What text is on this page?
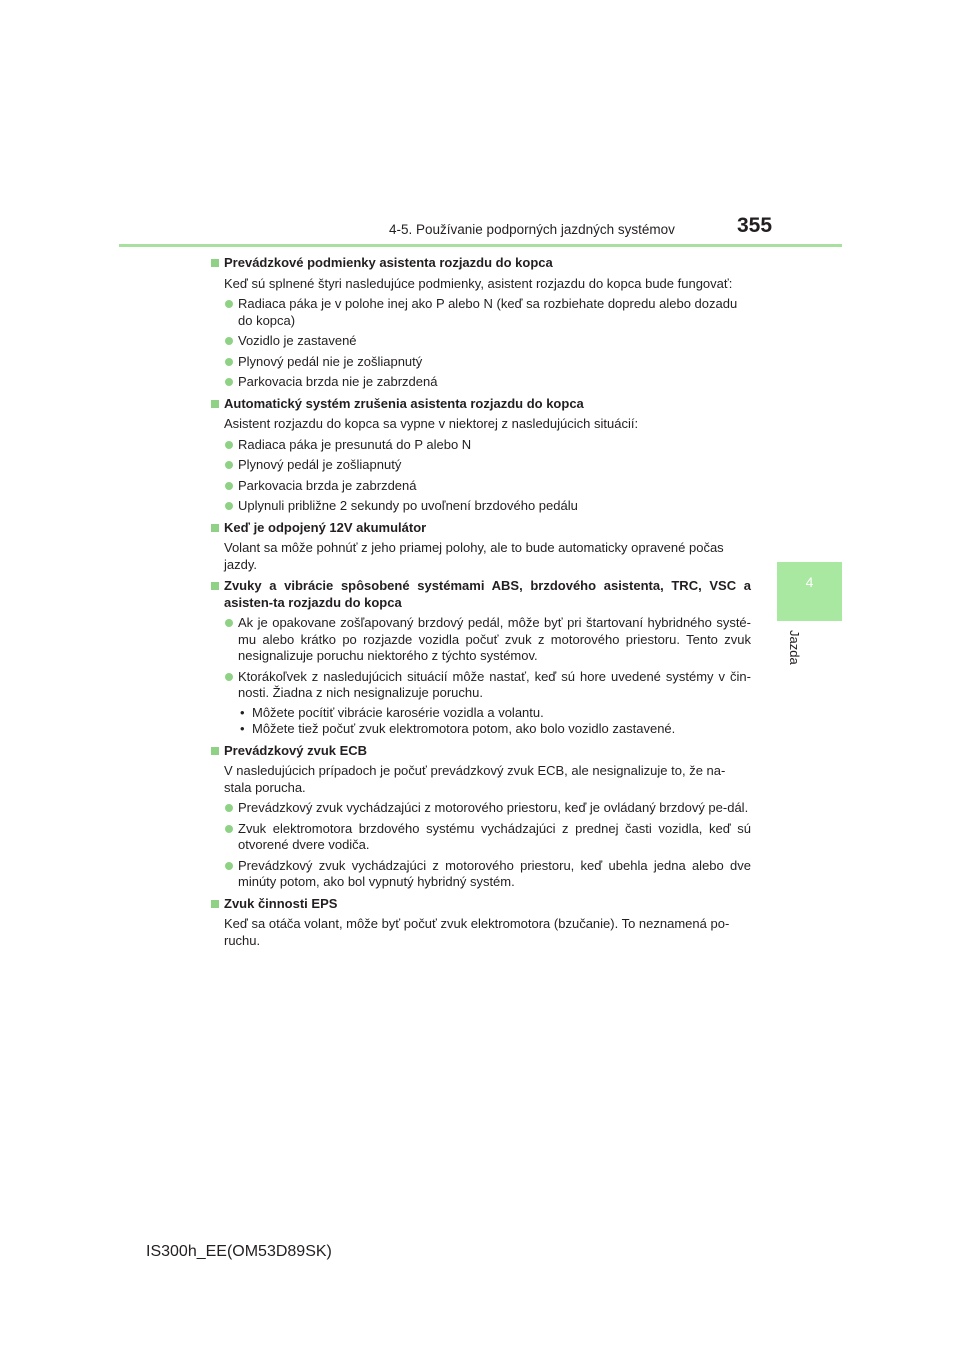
4-5. Používanie podporných jazdných systémov	355
4
Jazda
Prevádzkové podmienky asistenta rozjazdu do kopca
Keď sú splnené štyri nasledujúce podmienky, asistent rozjazdu do kopca bude fungovať:
Radiaca páka je v polohe inej ako P alebo N (keď sa rozbiehate dopredu alebo dozadu do kopca)
Vozidlo je zastavené
Plynový pedál nie je zošliapnutý
Parkovacia brzda nie je zabrzdená
Automatický systém zrušenia asistenta rozjazdu do kopca
Asistent rozjazdu do kopca sa vypne v niektorej z nasledujúcich situácií:
Radiaca páka je presunutá do P alebo N
Plynový pedál je zošliapnutý
Parkovacia brzda je zabrzdená
Uplynuli približne 2 sekundy po uvoľnení brzdového pedálu
Keď je odpojený 12V akumulátor
Volant sa môže pohnúť z jeho priamej polohy, ale to bude automaticky opravené počas jazdy.
Zvuky a vibrácie spôsobené systémami ABS, brzdového asistenta, TRC, VSC a asisten-ta rozjazdu do kopca
Ak je opakovane zošľapovaný brzdový pedál, môže byť pri štartovaní hybridného systé-mu alebo krátko po rozjazde vozidla počuť zvuk z motorového priestoru. Tento zvuk nesignalizuje poruchu niektorého z týchto systémov.
Ktorákoľvek z nasledujúcich situácií môže nastať, keď sú hore uvedené systémy v čin-nosti. Žiadna z nich nesignalizuje poruchu.
• Môžete pocítiť vibrácie karosérie vozidla a volantu.
• Môžete tiež počuť zvuk elektromotora potom, ako bolo vozidlo zastavené.
Prevádzkový zvuk ECB
V nasledujúcich prípadoch je počuť prevádzkový zvuk ECB, ale nesignalizuje to, že na-stala porucha.
Prevádzkový zvuk vychádzajúci z motorového priestoru, keď je ovládaný brzdový pe-dál.
Zvuk elektromotora brzdového systému vychádzajúci z prednej časti vozidla, keď sú otvorené dvere vodiča.
Prevádzkový zvuk vychádzajúci z motorového priestoru, keď ubehla jedna alebo dve minúty potom, ako bol vypnutý hybridný systém.
Zvuk činnosti EPS
Keď sa otáča volant, môže byť počuť zvuk elektromotora (bzučanie). To neznamená po-ruchu.
IS300h_EE(OM53D89SK)
